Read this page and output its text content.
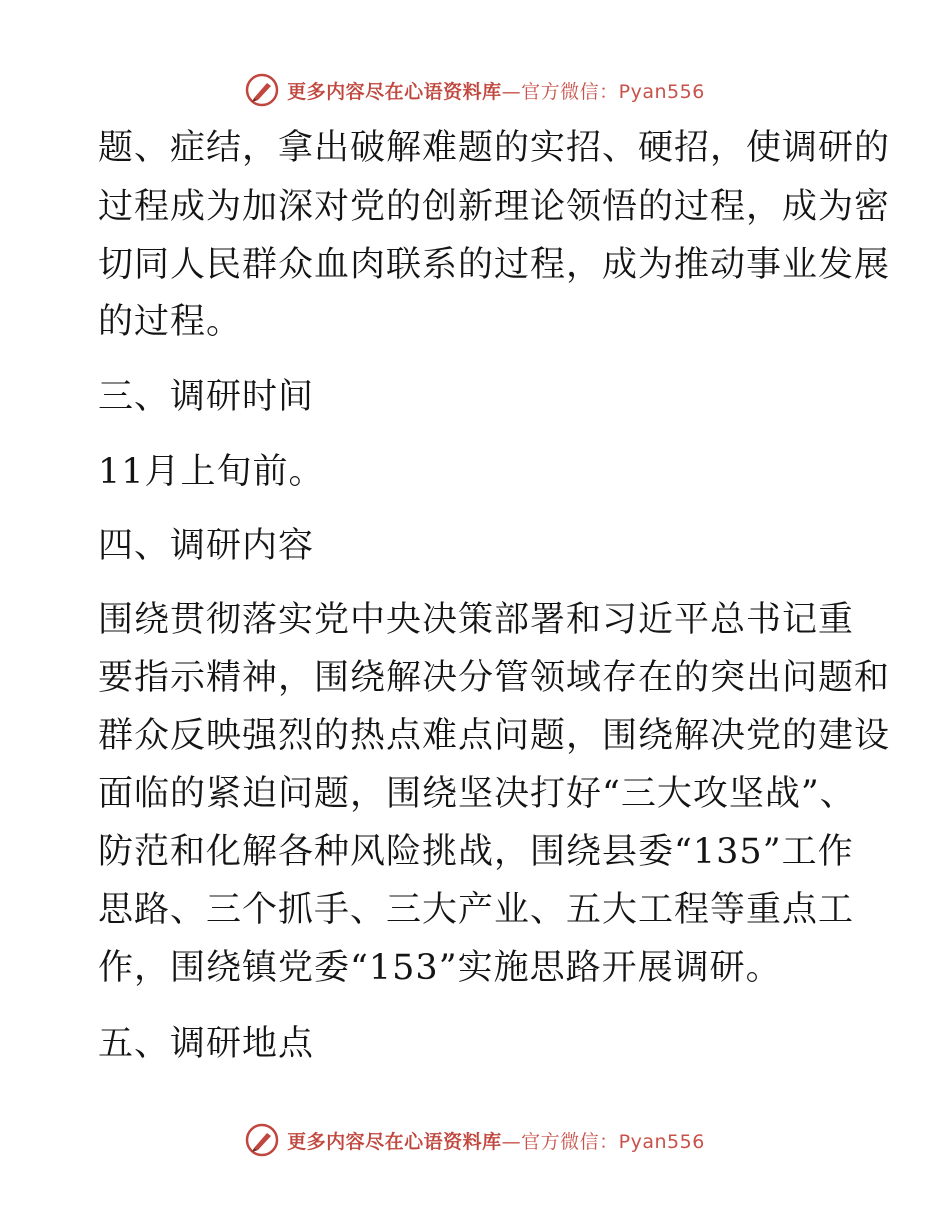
更多内容尽在心语资料库—官方微信：Pyan556
题、症结，拿出破解难题的实招、硬招，使调研的
过程成为加深对党的创新理论领悟的过程，成为密
切同人民群众血肉联系的过程，成为推动事业发展
的过程。
三、调研时间
11月上旬前。
四、调研内容
围绕贯彻落实党中央决策部署和习近平总书记重
要指示精神，围绕解决分管领域存在的突出问题和
群众反映强烈的热点难点问题，围绕解决党的建设
面临的紧迫问题，围绕坚决打好“三大攻坚战”、
防范和化解各种风险挑战，围绕县委“135”工作
思路、三个抓手、三大产业、五大工程等重点工
作，围绕镇党委“153”实施思路开展调研。
五、调研地点
更多内容尽在心语资料库—官方微信：Pyan556
